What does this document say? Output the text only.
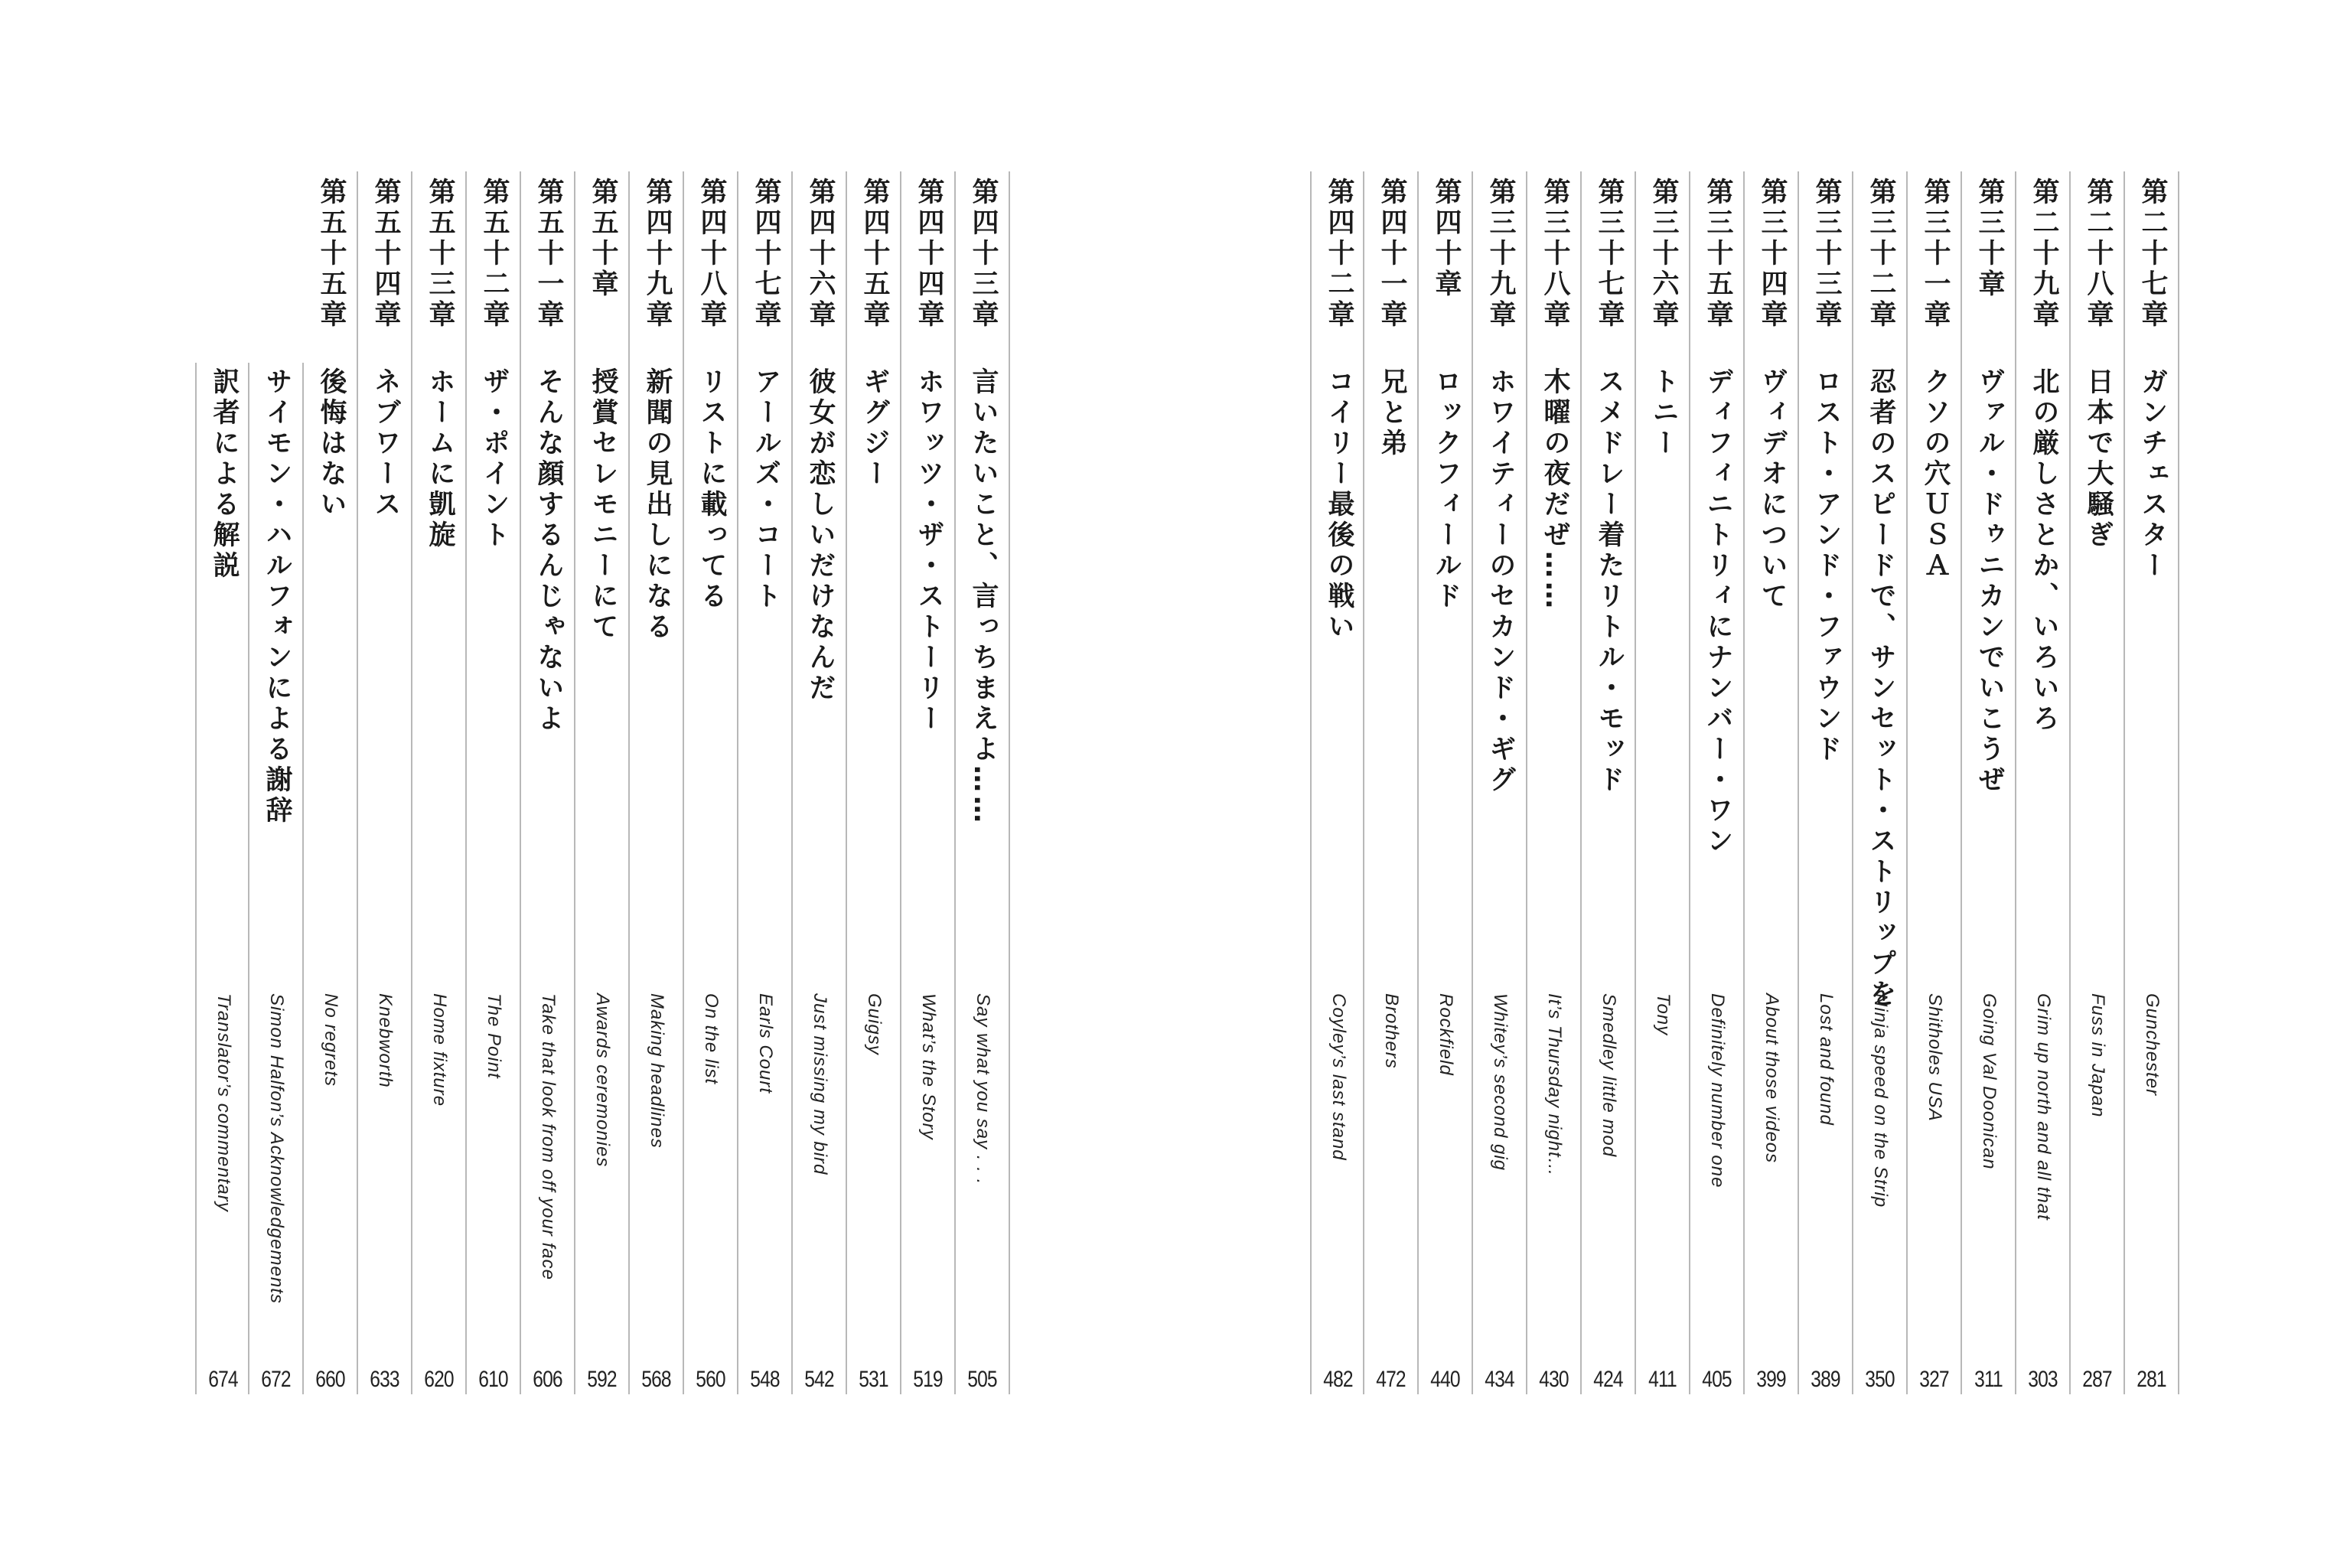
第二十七章
ガンチェスター
Gunchester
281
第二十八章
日本で大騒ぎ
Fuss in Japan
287
第二十九章
北の厳しさとか、いろいろ
Grim up north and all that
303
第三十章
ヴァル・ドゥニカンでいこうぜ
Going Val Doonican
311
第三十一章
クソの穴ＵＳＡ
Shitholes USA
327
第三十二章
忍者のスピードで、サンセット・ストリップを
Ninja speed on the Strip
350
第三十三章
ロスト・アンド・ファウンド
Lost and found
389
第三十四章
ヴィデオについて
About those videos
399
第三十五章
ディフィニトリィにナンバー・ワン
Definitely number one
405
第三十六章
トニー
Tony
411
第三十七章
スメドレー着たリトル・モッド
Smedley little mod
424
第三十八章
木曜の夜だぜ……
It’s Thursday night…
430
第三十九章
ホワイティーのセカンド・ギグ
Whitey’s second gig
434
第四十章
ロックフィールド
Rockfield
440
第四十一章
兄と弟
Brothers
472
第四十二章
コイリー最後の戦い
Coyley’s last stand
482
第四十三章
言いたいこと、言っちまえよ……
Say what you say . . .
505
第四十四章
ホワッツ・ザ・ストーリー
What’s the Story
519
第四十五章
ギグジー
Guigsy
531
第四十六章
彼女が恋しいだけなんだ
Just missing my bird
542
第四十七章
アールズ・コート
Earls Court
548
第四十八章
リストに載ってる
On the list
560
第四十九章
新聞の見出しになる
Making headlines
568
第五十章
授賞セレモニーにて
Awards ceremonies
592
第五十一章
そんな顔するんじゃないよ
Take that look from off your face
606
第五十二章
ザ・ポイント
The Point
610
第五十三章
ホームに凱旋
Home fixture
620
第五十四章
ネブワース
Knebworth
633
第五十五章
後悔はない
No regrets
660
サイモン・ハルフォンによる謝辞
Simon Halfon’s Acknowledgements
672
訳者による解説
Translator’s commentary
674
